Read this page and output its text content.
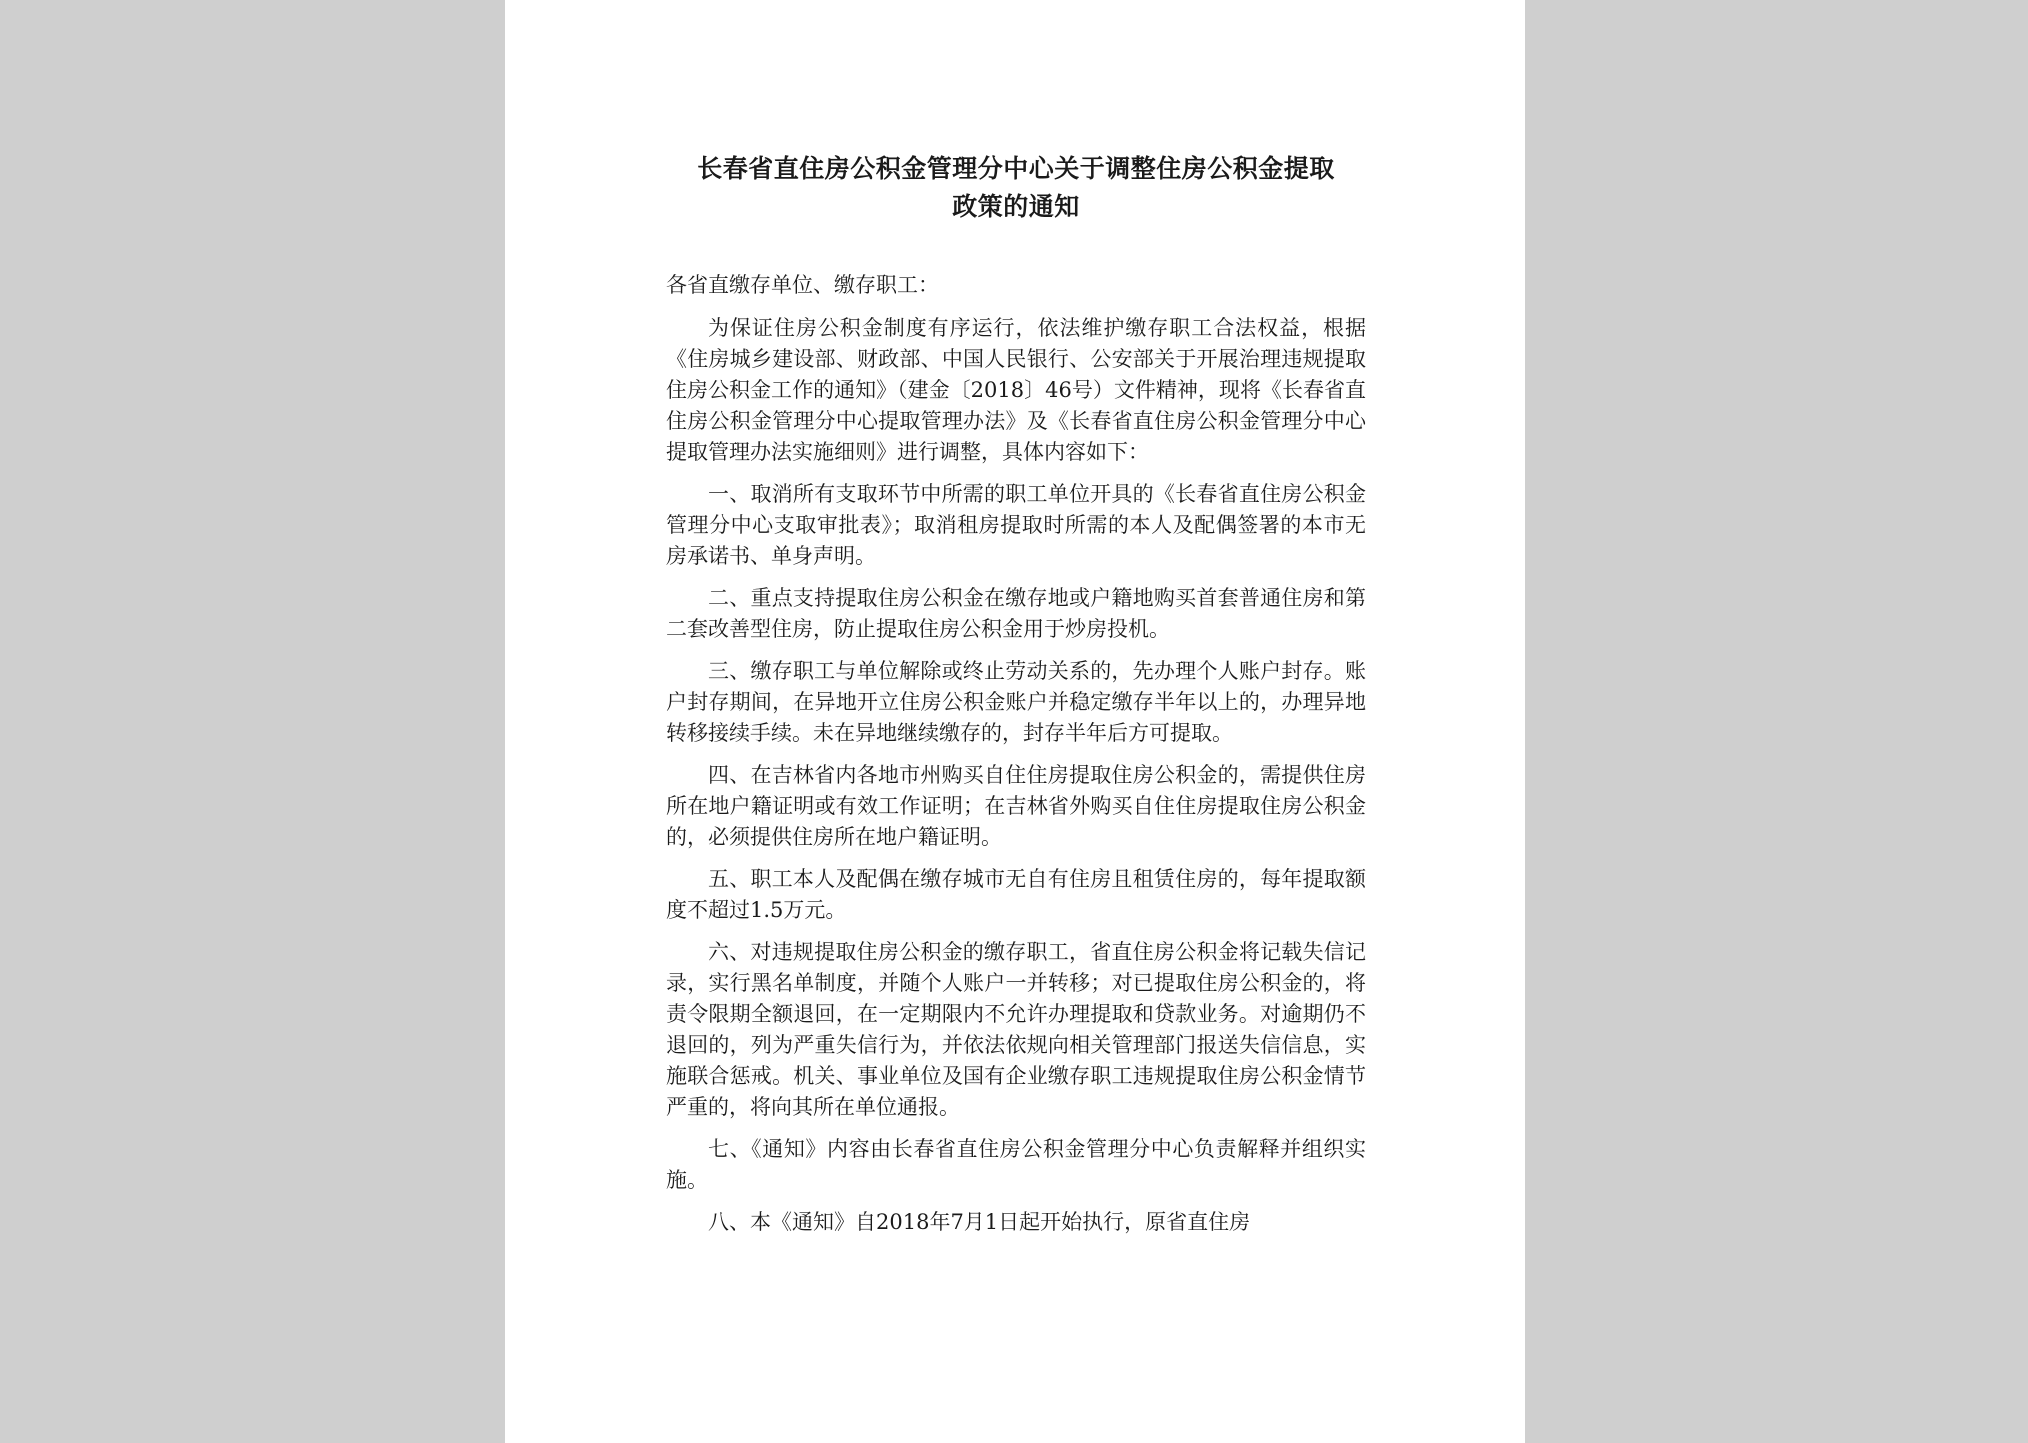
长春省直住房公积金管理分中心关于调整住房公积金提取
政策的通知

各省直缴存单位、缴存职工：

为保证住房公积金制度有序运行，依法维护缴存职工合法权益，根据《住房城乡建设部、财政部、中国人民银行、公安部关于开展治理违规提取住房公积金工作的通知》（建金〔2018〕46号）文件精神，现将《长春省直住房公积金管理分中心提取管理办法》及《长春省直住房公积金管理分中心提取管理办法实施细则》进行调整，具体内容如下：

一、取消所有支取环节中所需的职工单位开具的《长春省直住房公积金管理分中心支取审批表》；取消租房提取时所需的本人及配偶签署的本市无房承诺书、单身声明。

二、重点支持提取住房公积金在缴存地或户籍地购买首套普通住房和第二套改善型住房，防止提取住房公积金用于炒房投机。

三、缴存职工与单位解除或终止劳动关系的，先办理个人账户封存。账户封存期间，在异地开立住房公积金账户并稳定缴存半年以上的，办理异地转移接续手续。未在异地继续缴存的，封存半年后方可提取。

四、在吉林省内各地市州购买自住住房提取住房公积金的，需提供住房所在地户籍证明或有效工作证明；在吉林省外购买自住住房提取住房公积金的，必须提供住房所在地户籍证明。

五、职工本人及配偶在缴存城市无自有住房且租赁住房的，每年提取额度不超过1.5万元。

六、对违规提取住房公积金的缴存职工，省直住房公积金将记载失信记录，实行黑名单制度，并随个人账户一并转移；对已提取住房公积金的，将责令限期全额退回，在一定期限内不允许办理提取和贷款业务。对逾期仍不退回的，列为严重失信行为，并依法依规向相关管理部门报送失信信息，实施联合惩戒。机关、事业单位及国有企业缴存职工违规提取住房公积金情节严重的，将向其所在单位通报。

七、《通知》内容由长春省直住房公积金管理分中心负责解释并组织实施。

八、本《通知》自2018年7月1日起开始执行，原省直住房
